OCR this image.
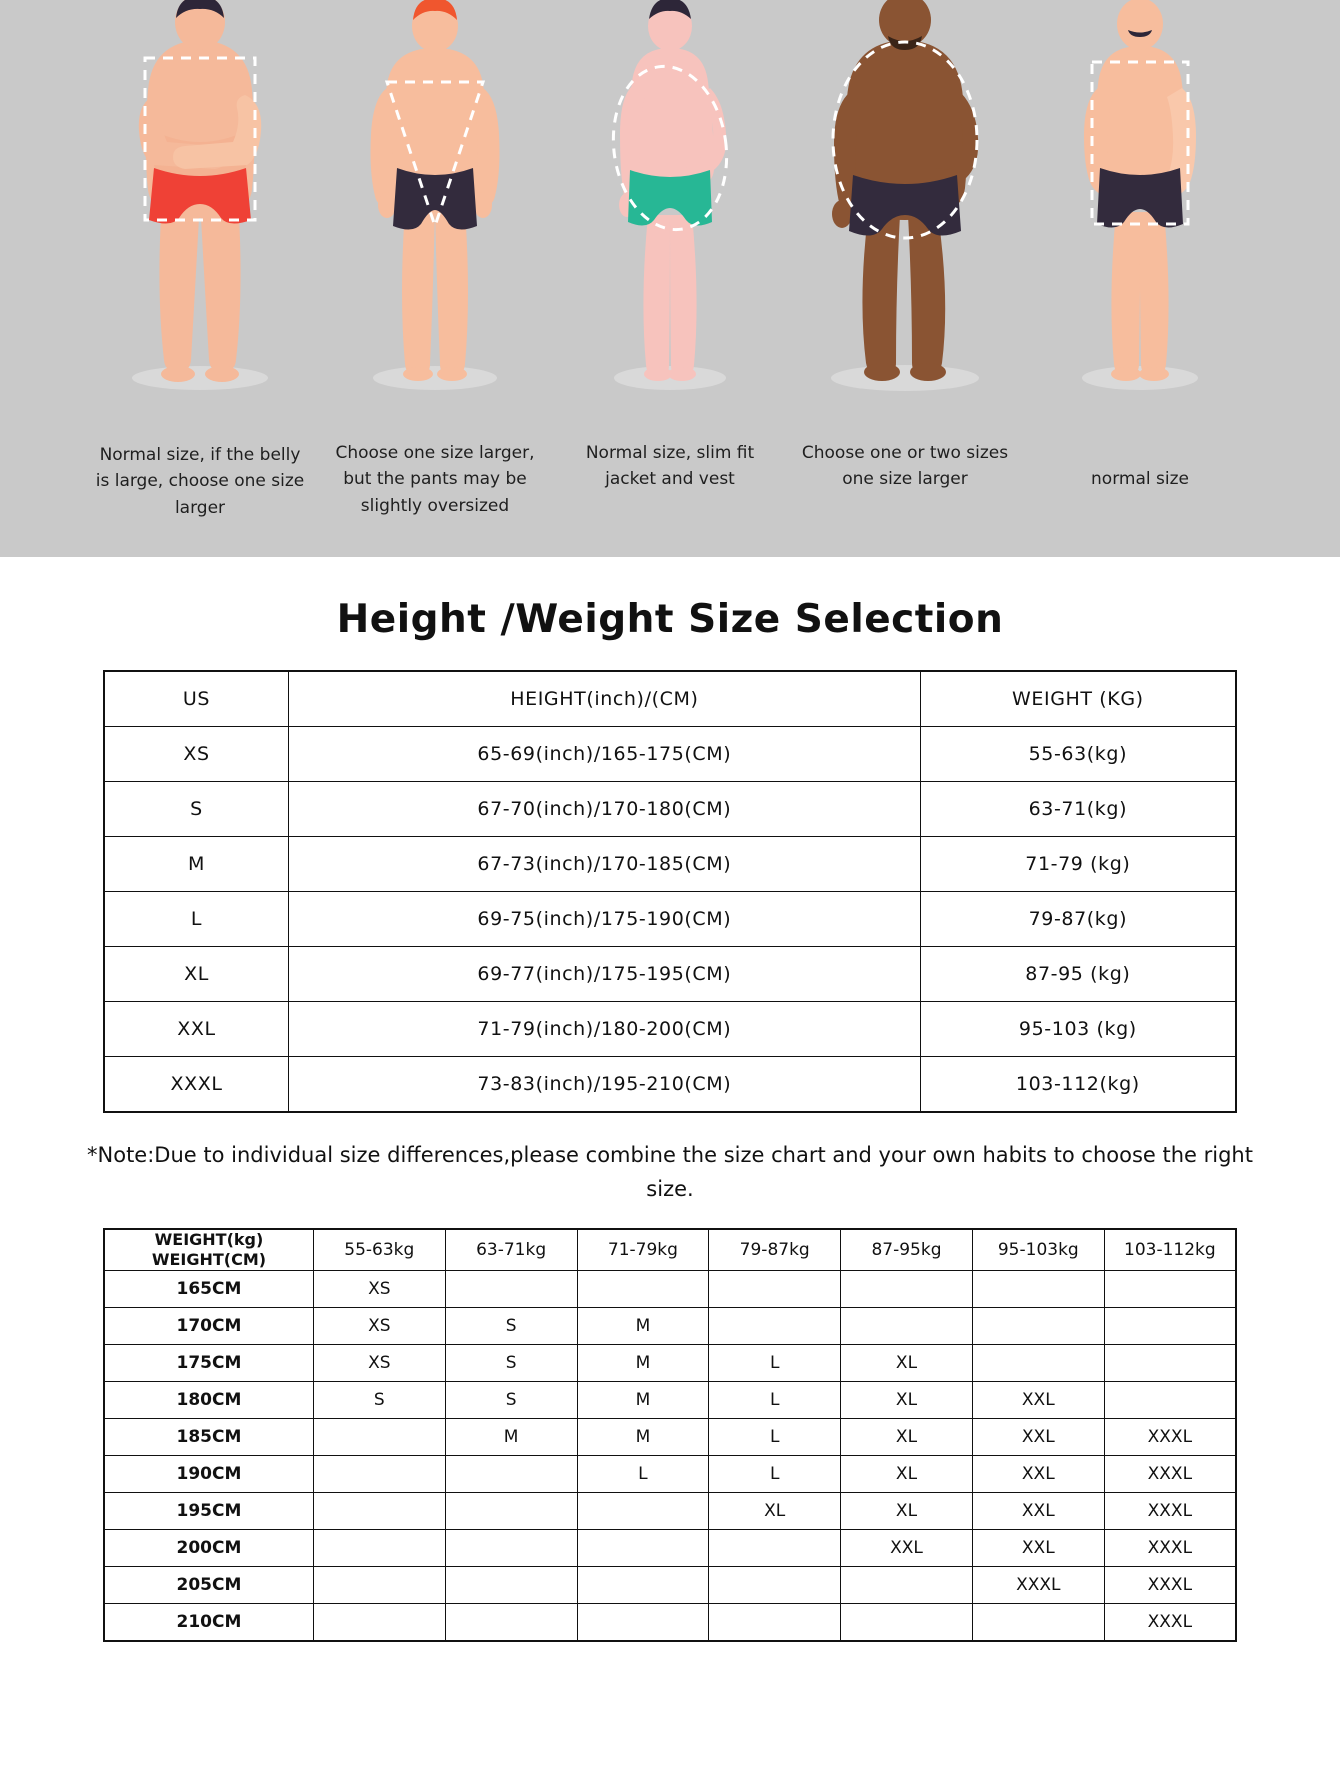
Normal size, if the belly is large, choose one size larger
Choose one size larger, but the pants may be slightly oversized
Normal size, slim fit jacket and vest
Choose one or two sizes one size larger	normal size
Height /Weight Size Selection
US	HEIGHT(inch)/(CM)	WEIGHT (KG)
XS	65-69(inch)/165-175(CM)	55-63(kg)
S	67-70(inch)/170-180(CM)	63-71(kg)
M	67-73(inch)/170-185(CM)	71-79 (kg)
L	69-75(inch)/175-190(CM)	79-87(kg)
XL	69-77(inch)/175-195(CM)	87-95 (kg)
XXL	71-79(inch)/180-200(CM)	95-103 (kg)
XXXL	73-83(inch)/195-210(CM)	103-112(kg)
*Note:Due to individual size differences,please combine the size chart and your own habits to choose the right size.
WEIGHT(kg)
WEIGHT(CM)	55-63kg	63-71kg	71-79kg	79-87kg	87-95kg	95-103kg	103-112kg
165CM	XS						
170CM	XS	S	M				
175CM	XS	S	M	L	XL		
180CM	S	S	M	L	XL	XXL	
185CM		M	M	L	XL	XXL	XXXL
190CM			L	L	XL	XXL	XXXL
195CM				XL	XL	XXL	XXXL
200CM					XXL	XXL	XXXL
205CM						XXXL	XXXL
210CM							XXXL
